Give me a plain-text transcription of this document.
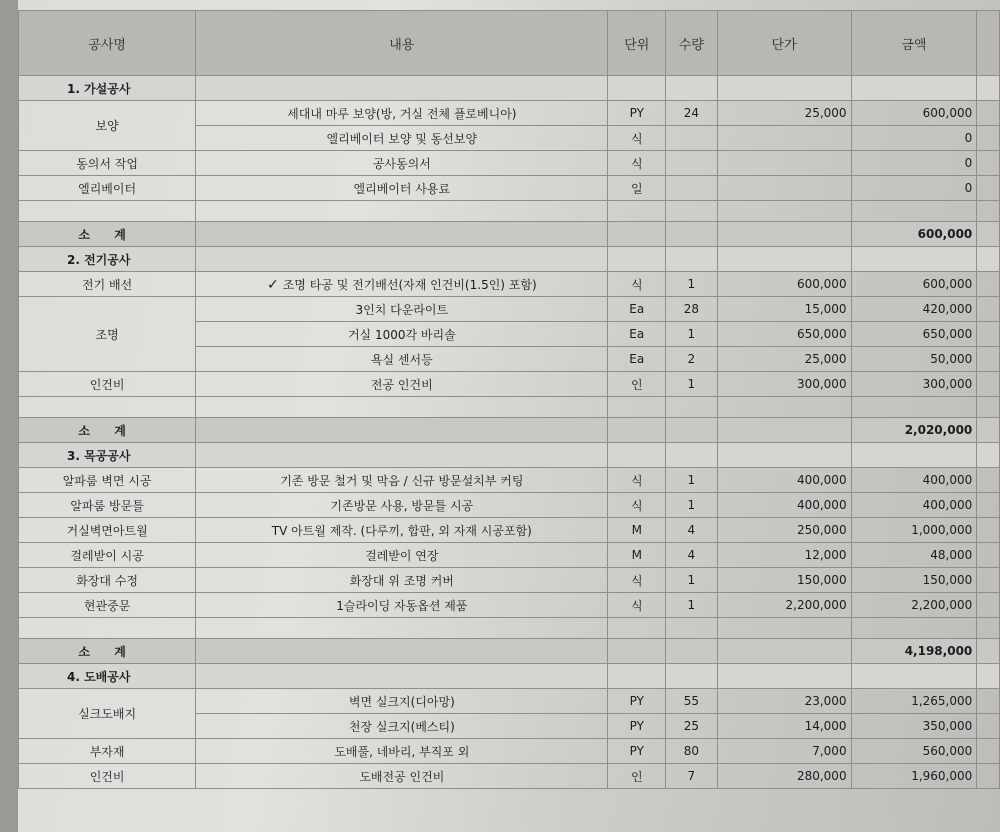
공사명	내용	단위	수량	단가	금액	
1. 가설공사						
보양	세대내 마루 보양(방, 거실 전체 플로베니아)	PY	24	25,000	600,000	
	엘리베이터 보양 및 동선보양	식			0	
동의서 작업	공사동의서	식			0	
엘리베이터	엘리베이터 사용료	일			0	

소 계					600,000	
2. 전기공사						
전기 배선	✓ 조명 타공 및 전기배선(자재 인건비(1.5인) 포함)	식	1	600,000	600,000	
조명	3인치 다운라이트	Ea	28	15,000	420,000	
	거실 1000각 바리솔	Ea	1	650,000	650,000	
	욕실 센서등	Ea	2	25,000	50,000	
인건비	전공 인건비	인	1	300,000	300,000	

소 계					2,020,000	
3. 목공공사						
알파룸 벽면 시공	기존 방문 철거 및 막음 / 신규 방문설치부 커팅	식	1	400,000	400,000	
알파룸 방문틀	기존방문 사용, 방문틀 시공	식	1	400,000	400,000	
거실벽면아트월	TV 아트월 제작. (다루끼, 합판, 외 자재 시공포함)	M	4	250,000	1,000,000	
걸레받이 시공	걸레받이 연장	M	4	12,000	48,000	
화장대 수정	화장대 위 조명 커버	식	1	150,000	150,000	
현관중문	1슬라이딩 자동옵션 제품	식	1	2,200,000	2,200,000	

소 계					4,198,000	
4. 도배공사						
실크도배지	벽면 실크지(디아망)	PY	55	23,000	1,265,000	
	천장 실크지(베스티)	PY	25	14,000	350,000	
부자재	도배풀, 네바리, 부직포 외	PY	80	7,000	560,000	
인건비	도배전공 인건비	인	7	280,000	1,960,000	
